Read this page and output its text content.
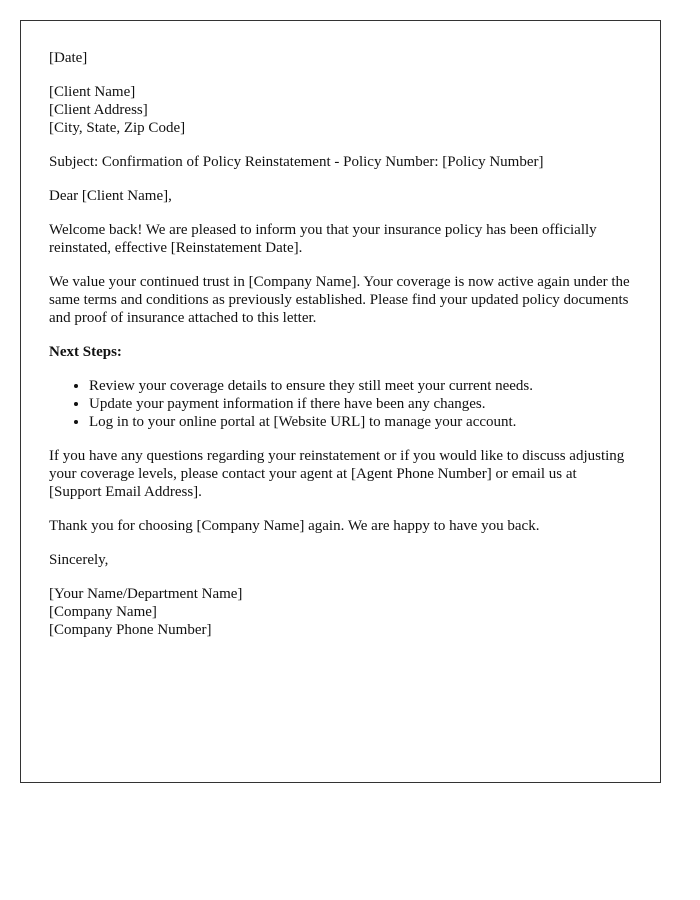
[Date]

[Client Name]
[Client Address]
[City, State, Zip Code]

Subject: Confirmation of Policy Reinstatement - Policy Number: [Policy Number]

Dear [Client Name],

Welcome back! We are pleased to inform you that your insurance policy has been officially reinstated, effective [Reinstatement Date].

We value your continued trust in [Company Name]. Your coverage is now active again under the same terms and conditions as previously established. Please find your updated policy documents and proof of insurance attached to this letter.

Next Steps:

• Review your coverage details to ensure they still meet your current needs.
• Update your payment information if there have been any changes.
• Log in to your online portal at [Website URL] to manage your account.

If you have any questions regarding your reinstatement or if you would like to discuss adjusting your coverage levels, please contact your agent at [Agent Phone Number] or email us at [Support Email Address].

Thank you for choosing [Company Name] again. We are happy to have you back.

Sincerely,

[Your Name/Department Name]
[Company Name]
[Company Phone Number]
